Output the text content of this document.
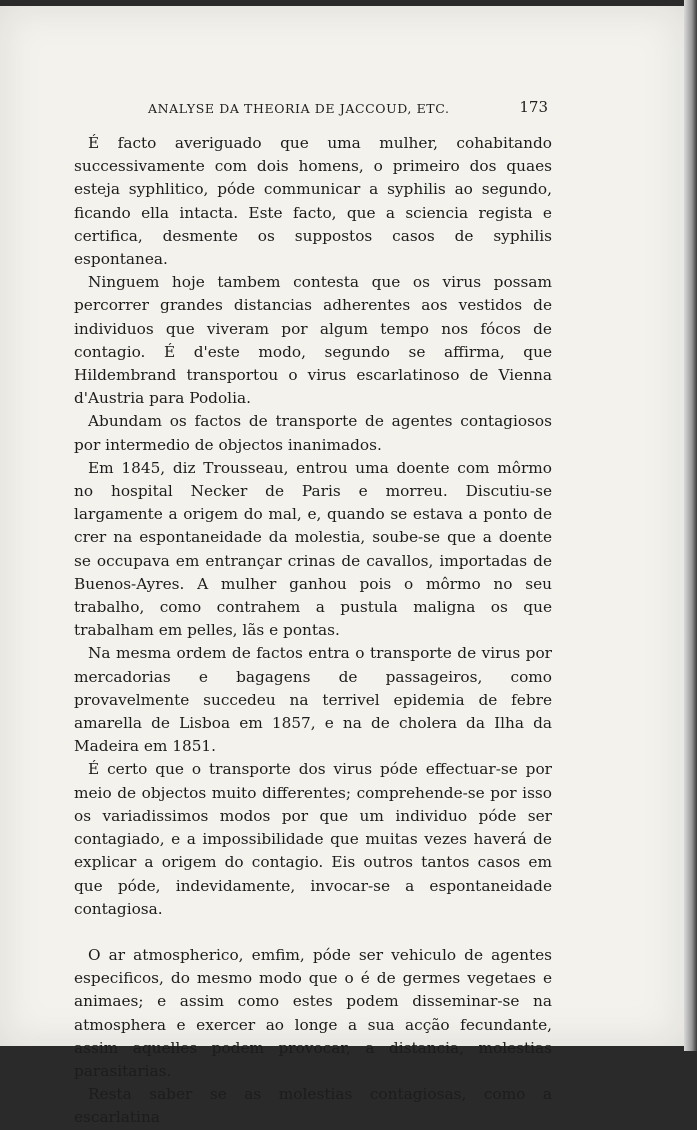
ANALYSE DA THEORIA DE JACCOUD, ETC.	173

É facto averiguado que uma mulher, cohabitando successivamente com dois homens, o primeiro dos quaes esteja syphlitico, póde communicar a syphilis ao segundo, ficando ella intacta. Este facto, que a sciencia regista e certifica, desmente os suppostos casos de syphilis espontanea.

Ninguem hoje tambem contesta que os virus possam percorrer grandes distancias adherentes aos vestidos de individuos que viveram por algum tempo nos fócos de contagio. É d'este modo, segundo se affirma, que Hildembrand transportou o virus escarlatinoso de Vienna d'Austria para Podolia.

Abundam os factos de transporte de agentes contagiosos por intermedio de objectos inanimados.

Em 1845, diz Trousseau, entrou uma doente com môrmo no hospital Necker de Paris e morreu. Discutiu-se largamente a origem do mal, e, quando se estava a ponto de crer na espontaneidade da molestia, soube-se que a doente se occupava em entrançar crinas de cavallos, importadas de Buenos-Ayres. A mulher ganhou pois o môrmo no seu trabalho, como contrahem a pustula maligna os que trabalham em pelles, lãs e pontas.

Na mesma ordem de factos entra o transporte de virus por mercadorias e bagagens de passageiros, como provavelmente succedeu na terrivel epidemia de febre amarella de Lisboa em 1857, e na de cholera da Ilha da Madeira em 1851.

É certo que o transporte dos virus póde effectuar-se por meio de objectos muito differentes; comprehende-se por isso os variadissimos modos por que um individuo póde ser contagiado, e a impossibilidade que muitas vezes haverá de explicar a origem do contagio. Eis outros tantos casos em que póde, indevidamente, invocar-se a espontaneidade contagiosa.

O ar atmospherico, emfim, póde ser vehiculo de agentes especificos, do mesmo modo que o é de germes vegetaes e animaes; e assim como estes podem disseminar-se na atmosphera e exercer ao longe a sua acção fecundante, assim aquelles podem provocar, a distancia, molestias parasitarias.

Resta saber se as molestias contagiosas, como a escarlatina
